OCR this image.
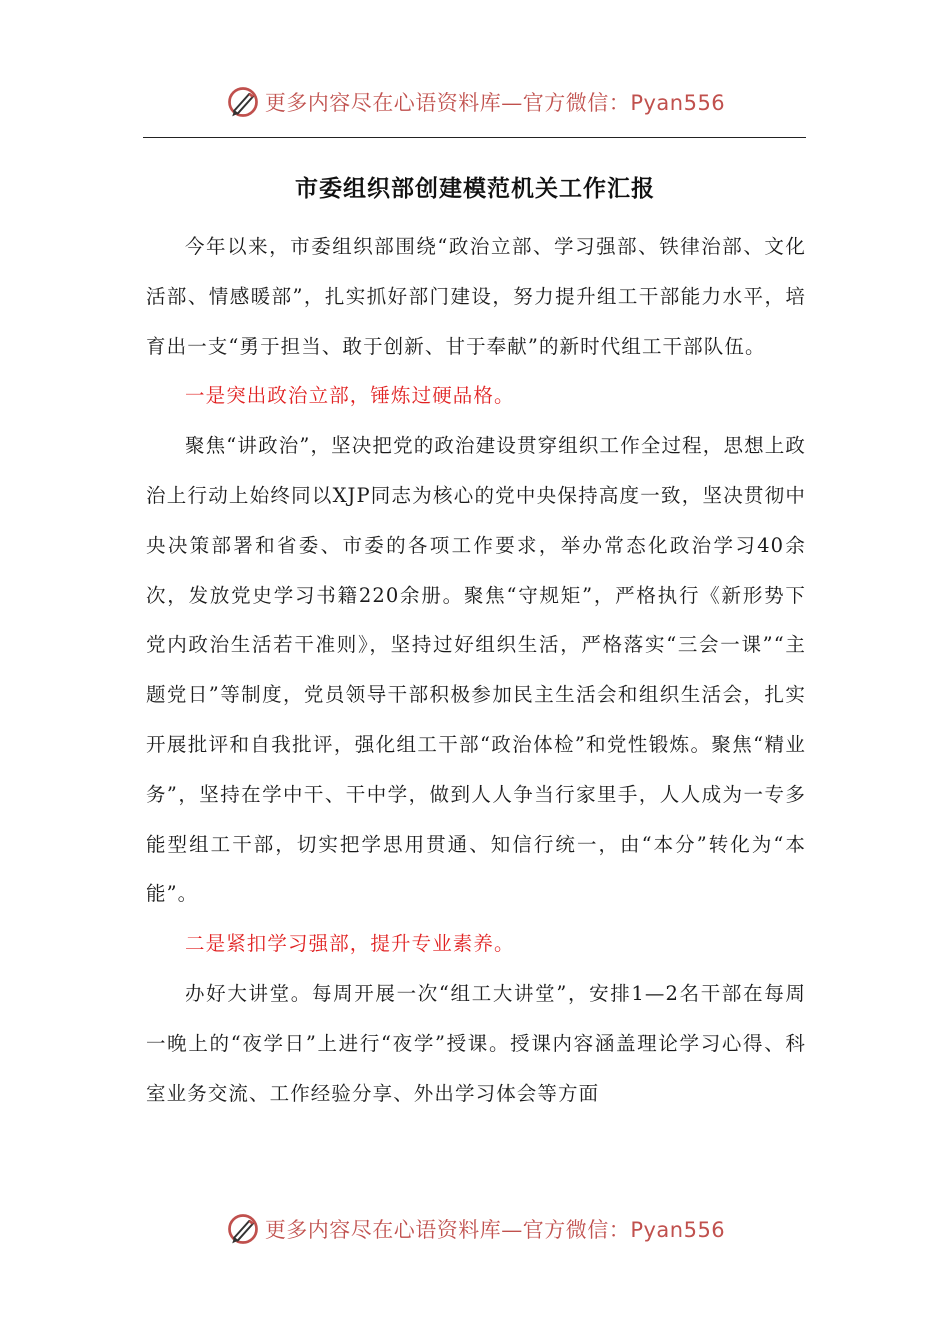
更多内容尽在心语资料库—官方微信：Pyan556
市委组织部创建模范机关工作汇报

今年以来，市委组织部围绕“政治立部、学习强部、铁律治部、文化活部、情感暖部”，扎实抓好部门建设，努力提升组工干部能力水平，培育出一支“勇于担当、敢于创新、甘于奉献”的新时代组工干部队伍。

一是突出政治立部，锤炼过硬品格。

聚焦“讲政治”，坚决把党的政治建设贯穿组织工作全过程，思想上政治上行动上始终同以XJP同志为核心的党中央保持高度一致，坚决贯彻中央决策部署和省委、市委的各项工作要求，举办常态化政治学习40余次，发放党史学习书籍220余册。聚焦“守规矩”，严格执行《新形势下党内政治生活若干准则》，坚持过好组织生活，严格落实“三会一课”“主题党日”等制度，党员领导干部积极参加民主生活会和组织生活会，扎实开展批评和自我批评，强化组工干部“政治体检”和党性锻炼。聚焦“精业务”，坚持在学中干、干中学，做到人人争当行家里手，人人成为一专多能型组工干部，切实把学思用贯通、知信行统一，由“本分”转化为“本能”。

二是紧扣学习强部，提升专业素养。

办好大讲堂。每周开展一次“组工大讲堂”，安排1—2名干部在每周一晚上的“夜学日”上进行“夜学”授课。授课内容涵盖理论学习心得、科室业务交流、工作经验分享、外出学习体会等方面

更多内容尽在心语资料库—官方微信：Pyan556
